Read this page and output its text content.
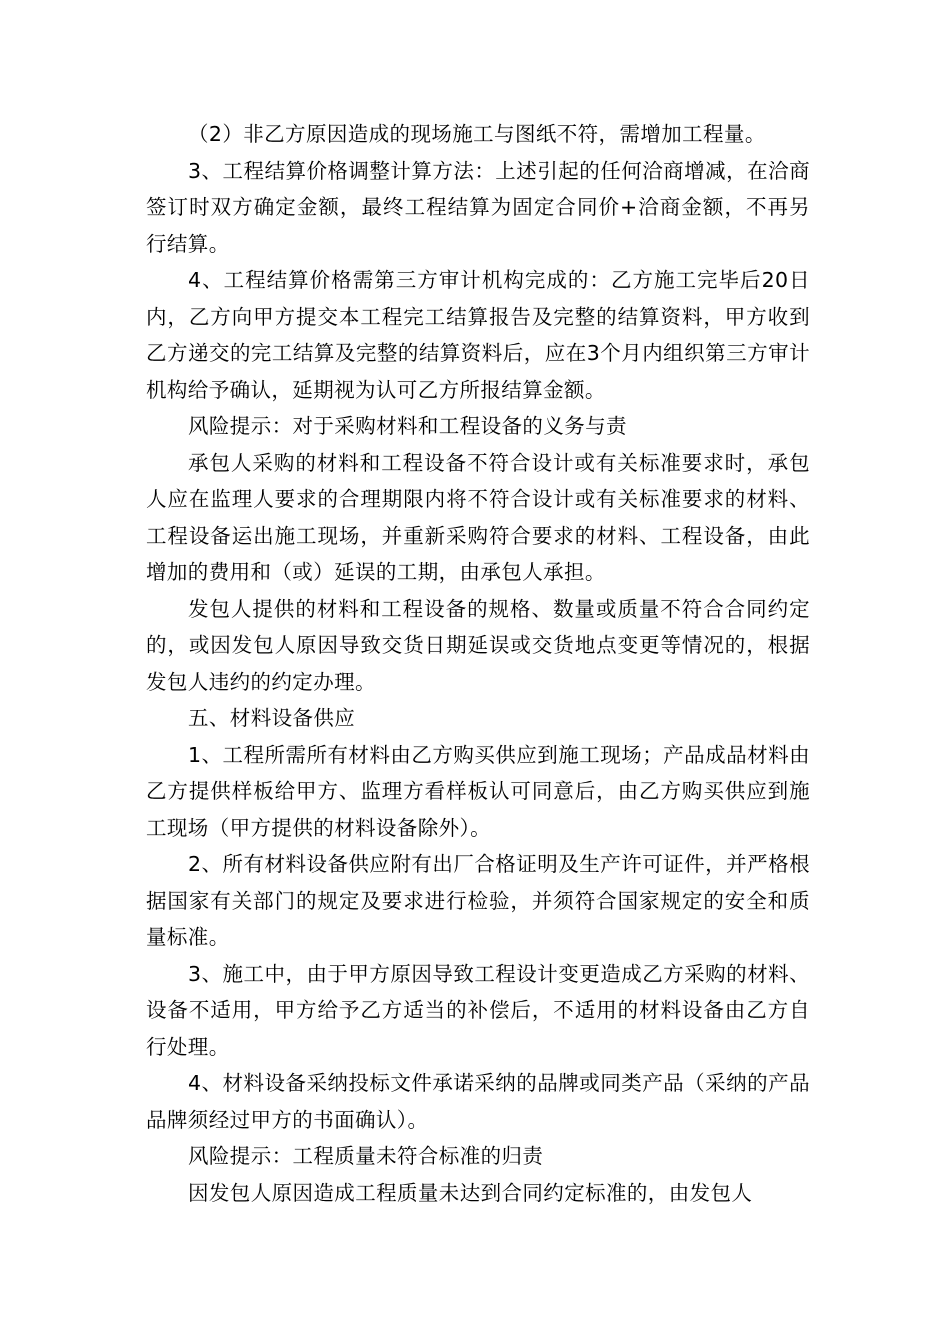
（2）非乙方原因造成的现场施工与图纸不符，需增加工程量。

3、工程结算价格调整计算方法：上述引起的任何洽商增减，在洽商签订时双方确定金额，最终工程结算为固定合同价+洽商金额，不再另行结算。

4、工程结算价格需第三方审计机构完成的：乙方施工完毕后20日内，乙方向甲方提交本工程完工结算报告及完整的结算资料，甲方收到乙方递交的完工结算及完整的结算资料后，应在3个月内组织第三方审计机构给予确认，延期视为认可乙方所报结算金额。

风险提示：对于采购材料和工程设备的义务与责

承包人采购的材料和工程设备不符合设计或有关标准要求时，承包人应在监理人要求的合理期限内将不符合设计或有关标准要求的材料、工程设备运出施工现场，并重新采购符合要求的材料、工程设备，由此增加的费用和（或）延误的工期，由承包人承担。

发包人提供的材料和工程设备的规格、数量或质量不符合合同约定的，或因发包人原因导致交货日期延误或交货地点变更等情况的，根据发包人违约的约定办理。

五、材料设备供应

1、工程所需所有材料由乙方购买供应到施工现场；产品成品材料由乙方提供样板给甲方、监理方看样板认可同意后，由乙方购买供应到施工现场（甲方提供的材料设备除外）。

2、所有材料设备供应附有出厂合格证明及生产许可证件，并严格根据国家有关部门的规定及要求进行检验，并须符合国家规定的安全和质量标准。

3、施工中，由于甲方原因导致工程设计变更造成乙方采购的材料、设备不适用，甲方给予乙方适当的补偿后，不适用的材料设备由乙方自行处理。

4、材料设备采纳投标文件承诺采纳的品牌或同类产品（采纳的产品品牌须经过甲方的书面确认）。

风险提示：工程质量未符合标准的归责

因发包人原因造成工程质量未达到合同约定标准的，由发包人
